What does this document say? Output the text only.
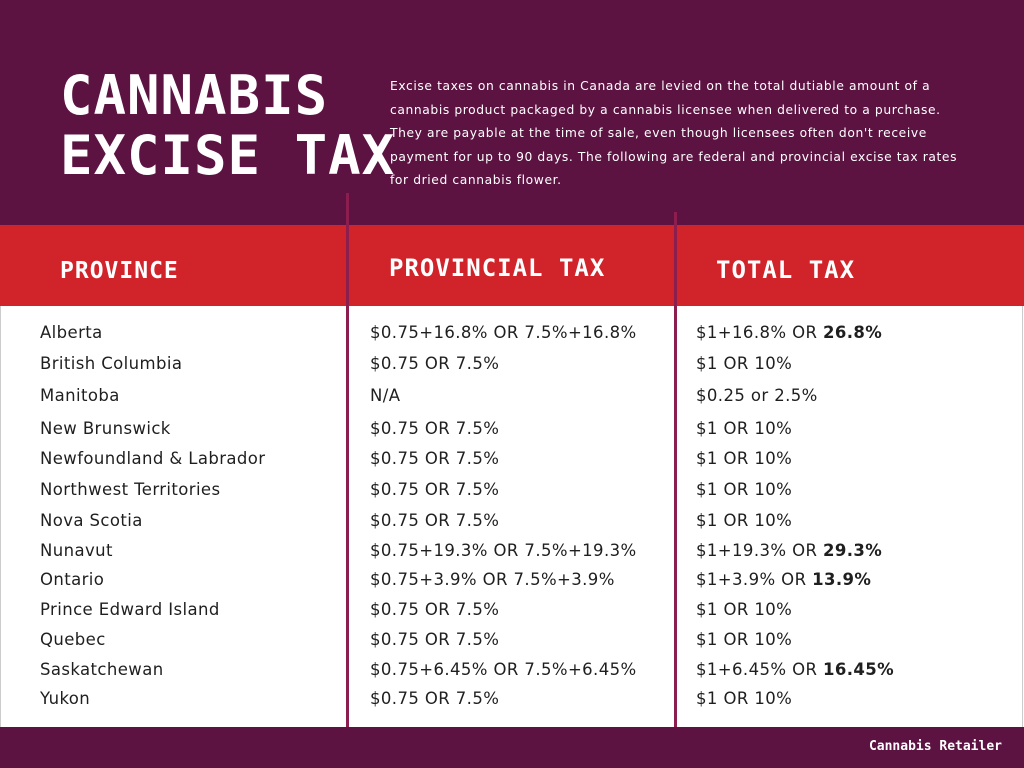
CANNABIS
EXCISE TAX

Excise taxes on cannabis in Canada are levied on the total dutiable amount of a cannabis product packaged by a cannabis licensee when delivered to a purchase. They are payable at the time of sale, even though licensees often don't receive payment for up to 90 days. The following are federal and provincial excise tax rates for dried cannabis flower.

PROVINCE	PROVINCIAL TAX	TOTAL TAX
Alberta	$0.75+16.8% OR 7.5%+16.8%	$1+16.8% OR 26.8%
British Columbia	$0.75 OR 7.5%	$1 OR 10%
Manitoba	N/A	$0.25 or 2.5%
New Brunswick	$0.75 OR 7.5%	$1 OR 10%
Newfoundland & Labrador	$0.75 OR 7.5%	$1 OR 10%
Northwest Territories	$0.75 OR 7.5%	$1 OR 10%
Nova Scotia	$0.75 OR 7.5%	$1 OR 10%
Nunavut	$0.75+19.3% OR 7.5%+19.3%	$1+19.3% OR 29.3%
Ontario	$0.75+3.9% OR 7.5%+3.9%	$1+3.9% OR 13.9%
Prince Edward Island	$0.75 OR 7.5%	$1 OR 10%
Quebec	$0.75 OR 7.5%	$1 OR 10%
Saskatchewan	$0.75+6.45% OR 7.5%+6.45%	$1+6.45% OR 16.45%
Yukon	$0.75 OR 7.5%	$1 OR 10%

Cannabis Retailer
